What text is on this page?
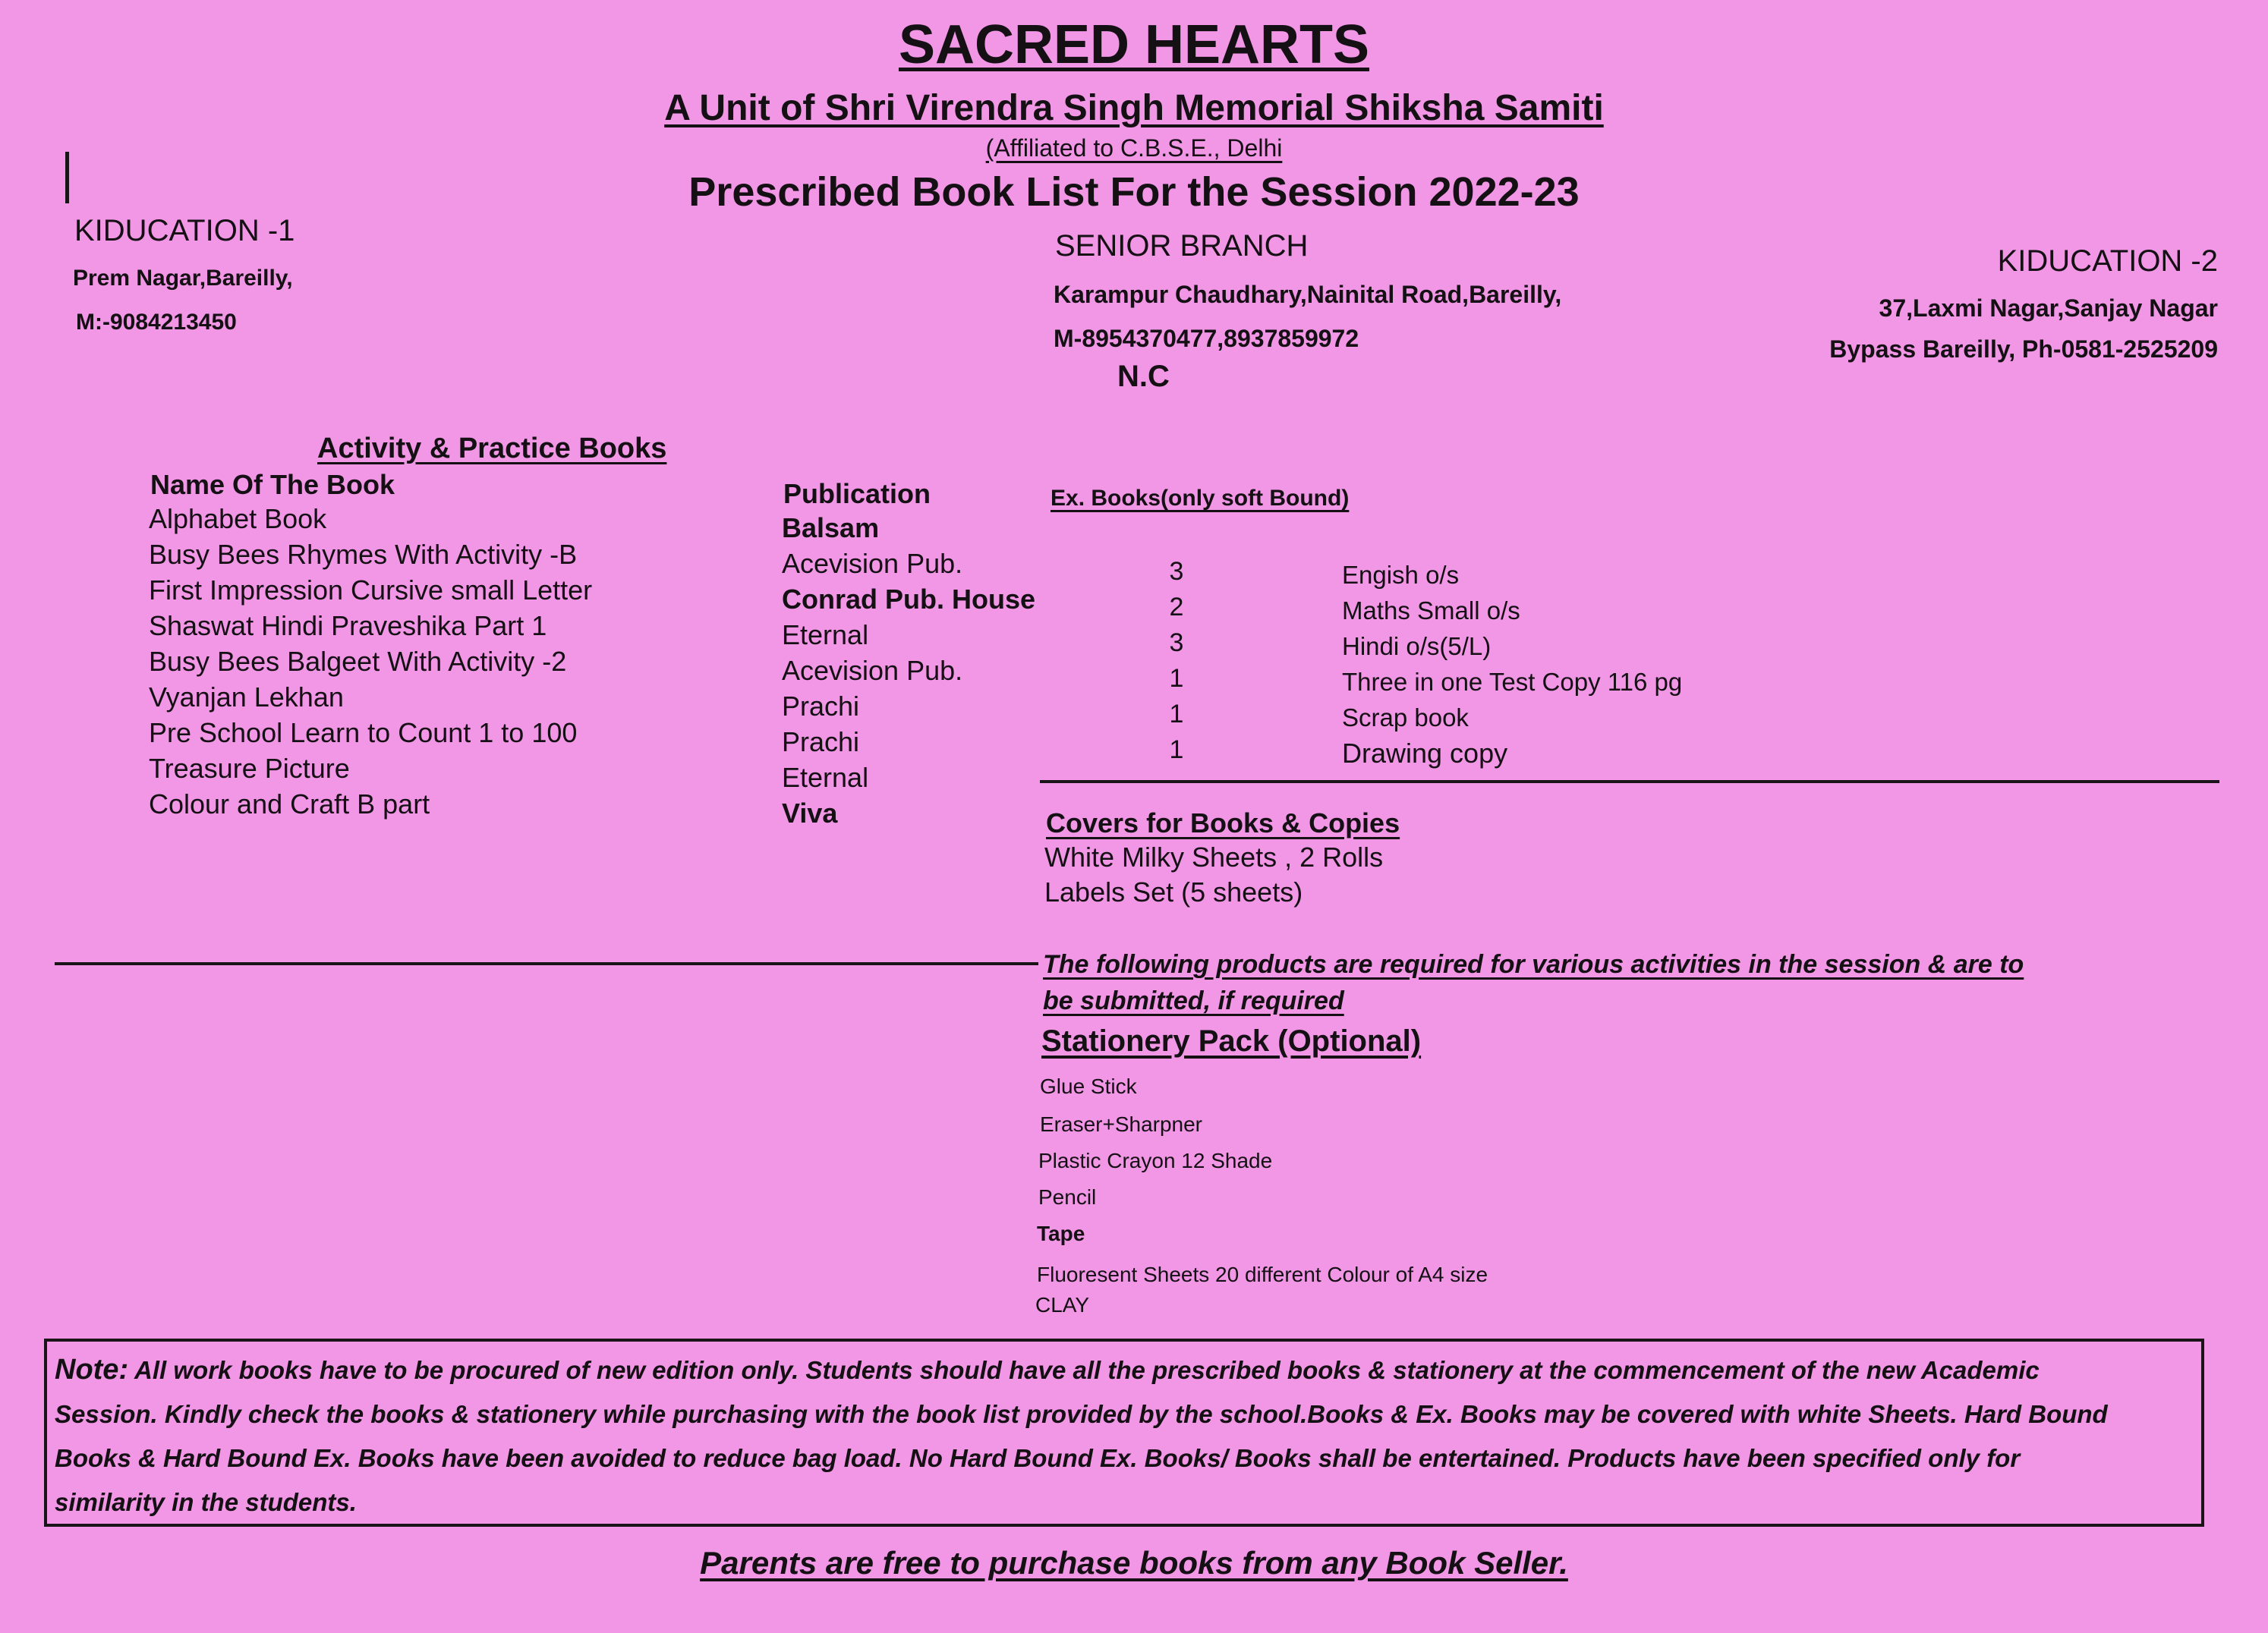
SACRED HEARTS
A Unit of Shri Virendra Singh Memorial Shiksha Samiti
(Affiliated to C.B.S.E., Delhi
Prescribed Book List For the Session 2022-23
KIDUCATION -1
Prem Nagar,Bareilly,
M:-9084213450
SENIOR BRANCH
Karampur Chaudhary,Nainital Road,Bareilly,
M-8954370477,8937859972
N.C
KIDUCATION -2
37,Laxmi Nagar,Sanjay Nagar
Bypass Bareilly, Ph-0581-2525209
Activity & Practice Books
Name Of The Book	Publication
Alphabet Book
Busy Bees Rhymes With Activity -B
First Impression Cursive small Letter
Shaswat Hindi Praveshika Part 1
Busy Bees Balgeet With Activity -2
Vyanjan Lekhan
Pre School Learn to Count 1 to 100
Treasure Picture
Colour and Craft B part
Balsam
Acevision Pub.
Conrad Pub. House
Eternal
Acevision Pub.
Prachi
Prachi
Eternal
Viva
Ex. Books(only soft Bound)
3
2
3
1
1
1
Engish o/s
Maths Small o/s
Hindi o/s(5/L)
Three in one Test Copy 116 pg
Scrap book
Drawing copy
Covers for Books & Copies
White Milky Sheets , 2 Rolls
Labels Set (5 sheets)
The following products are required for various activities in the session & are to
be submitted, if required
Stationery Pack (Optional)
Glue Stick
Eraser+Sharpner
Plastic Crayon 12 Shade
Pencil
Tape
Fluoresent Sheets 20 different Colour of A4 size
CLAY
Note: All work books have to be procured of new edition only. Students should have all the prescribed books & stationery at the commencement of the new Academic Session. Kindly check the books & stationery while purchasing with the book list provided by the school.Books & Ex. Books may be covered with white Sheets. Hard Bound Books & Hard Bound Ex. Books have been avoided to reduce bag load. No Hard Bound Ex. Books/ Books shall be entertained. Products have been specified only for similarity in the students.
Parents are free to purchase books from any Book Seller.
